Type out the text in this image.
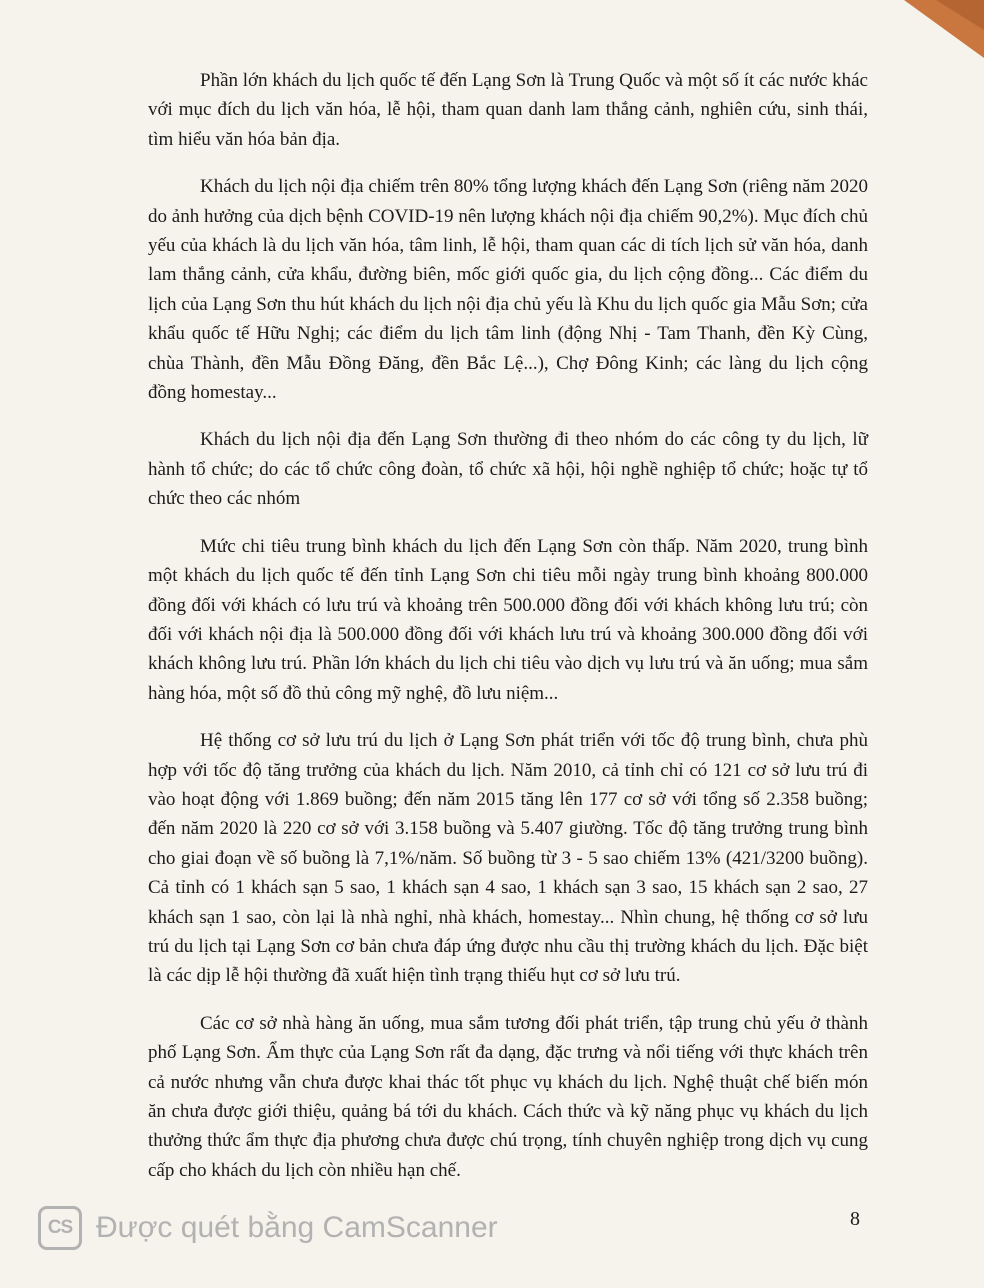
Phần lớn khách du lịch quốc tế đến Lạng Sơn là Trung Quốc và một số ít các nước khác với mục đích du lịch văn hóa, lễ hội, tham quan danh lam thắng cảnh, nghiên cứu, sinh thái, tìm hiểu văn hóa bản địa.

Khách du lịch nội địa chiếm trên 80% tổng lượng khách đến Lạng Sơn (riêng năm 2020 do ảnh hưởng của dịch bệnh COVID-19 nên lượng khách nội địa chiếm 90,2%). Mục đích chủ yếu của khách là du lịch văn hóa, tâm linh, lễ hội, tham quan các di tích lịch sử văn hóa, danh lam thắng cảnh, cửa khẩu, đường biên, mốc giới quốc gia, du lịch cộng đồng... Các điểm du lịch của Lạng Sơn thu hút khách du lịch nội địa chủ yếu là Khu du lịch quốc gia Mẫu Sơn; cửa khẩu quốc tế Hữu Nghị; các điểm du lịch tâm linh (động Nhị - Tam Thanh, đền Kỳ Cùng, chùa Thành, đền Mẫu Đồng Đăng, đền Bắc Lệ...), Chợ Đông Kinh; các làng du lịch cộng đồng homestay...

Khách du lịch nội địa đến Lạng Sơn thường đi theo nhóm do các công ty du lịch, lữ hành tổ chức; do các tổ chức công đoàn, tổ chức xã hội, hội nghề nghiệp tổ chức; hoặc tự tổ chức theo các nhóm

Mức chi tiêu trung bình khách du lịch đến Lạng Sơn còn thấp. Năm 2020, trung bình một khách du lịch quốc tế đến tỉnh Lạng Sơn chi tiêu mỗi ngày trung bình khoảng 800.000 đồng đối với khách có lưu trú và khoảng trên 500.000 đồng đối với khách không lưu trú; còn đối với khách nội địa là 500.000 đồng đối với khách lưu trú và khoảng 300.000 đồng đối với khách không lưu trú. Phần lớn khách du lịch chi tiêu vào dịch vụ lưu trú và ăn uống; mua sắm hàng hóa, một số đồ thủ công mỹ nghệ, đồ lưu niệm...

Hệ thống cơ sở lưu trú du lịch ở Lạng Sơn phát triển với tốc độ trung bình, chưa phù hợp với tốc độ tăng trưởng của khách du lịch. Năm 2010, cả tỉnh chỉ có 121 cơ sở lưu trú đi vào hoạt động với 1.869 buồng; đến năm 2015 tăng lên 177 cơ sở với tổng số 2.358 buồng; đến năm 2020 là 220 cơ sở với 3.158 buồng và 5.407 giường. Tốc độ tăng trưởng trung bình cho giai đoạn về số buồng là 7,1%/năm. Số buồng từ 3 - 5 sao chiếm 13% (421/3200 buồng). Cả tỉnh có 1 khách sạn 5 sao, 1 khách sạn 4 sao, 1 khách sạn 3 sao, 15 khách sạn 2 sao, 27 khách sạn 1 sao, còn lại là nhà nghỉ, nhà khách, homestay... Nhìn chung, hệ thống cơ sở lưu trú du lịch tại Lạng Sơn cơ bản chưa đáp ứng được nhu cầu thị trường khách du lịch. Đặc biệt là các dịp lễ hội thường đã xuất hiện tình trạng thiếu hụt cơ sở lưu trú.

Các cơ sở nhà hàng ăn uống, mua sắm tương đối phát triển, tập trung chủ yếu ở thành phố Lạng Sơn. Ẩm thực của Lạng Sơn rất đa dạng, đặc trưng và nổi tiếng với thực khách trên cả nước nhưng vẫn chưa được khai thác tốt phục vụ khách du lịch. Nghệ thuật chế biến món ăn chưa được giới thiệu, quảng bá tới du khách. Cách thức và kỹ năng phục vụ khách du lịch thưởng thức ẩm thực địa phương chưa được chú trọng, tính chuyên nghiệp trong dịch vụ cung cấp cho khách du lịch còn nhiều hạn chế.

8
CS Được quét bằng CamScanner
